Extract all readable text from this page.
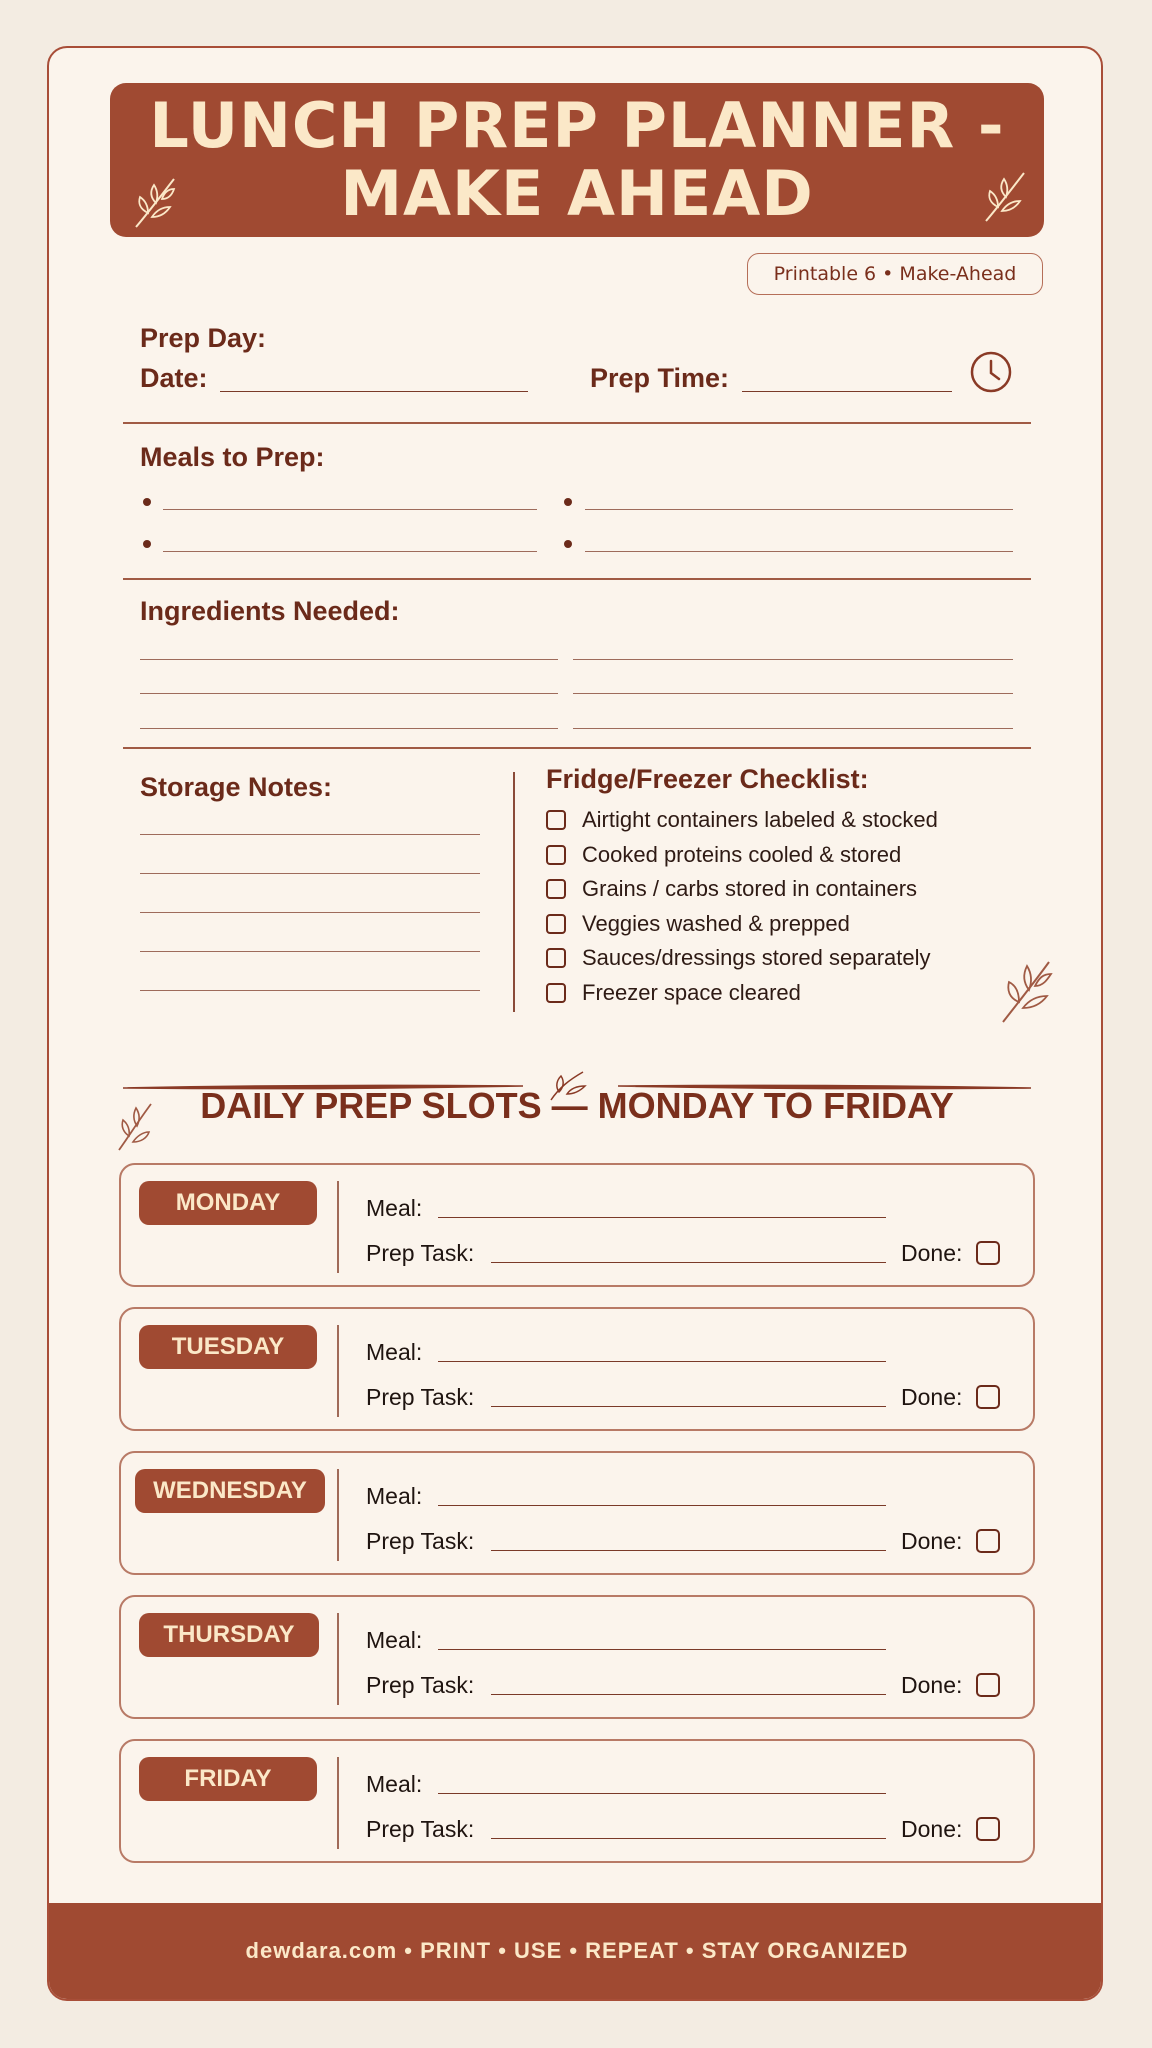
LUNCH PREP PLANNER -
MAKE AHEAD
Printable 6 • Make-Ahead
Prep Day:
Date:	Prep Time:
Meals to Prep:
Ingredients Needed:
Storage Notes:	Fridge/Freezer Checklist:
Airtight containers labeled & stocked
Cooked proteins cooled & stored
Grains / carbs stored in containers
Veggies washed & prepped
Sauces/dressings stored separately
Freezer space cleared
DAILY PREP SLOTS — MONDAY TO FRIDAY
MONDAY	Meal:
Prep Task:	Done:
TUESDAY	Meal:
Prep Task:	Done:
WEDNESDAY	Meal:
Prep Task:	Done:
THURSDAY	Meal:
Prep Task:	Done:
FRIDAY	Meal:
Prep Task:	Done:
dewdara.com • PRINT • USE • REPEAT • STAY ORGANIZED
